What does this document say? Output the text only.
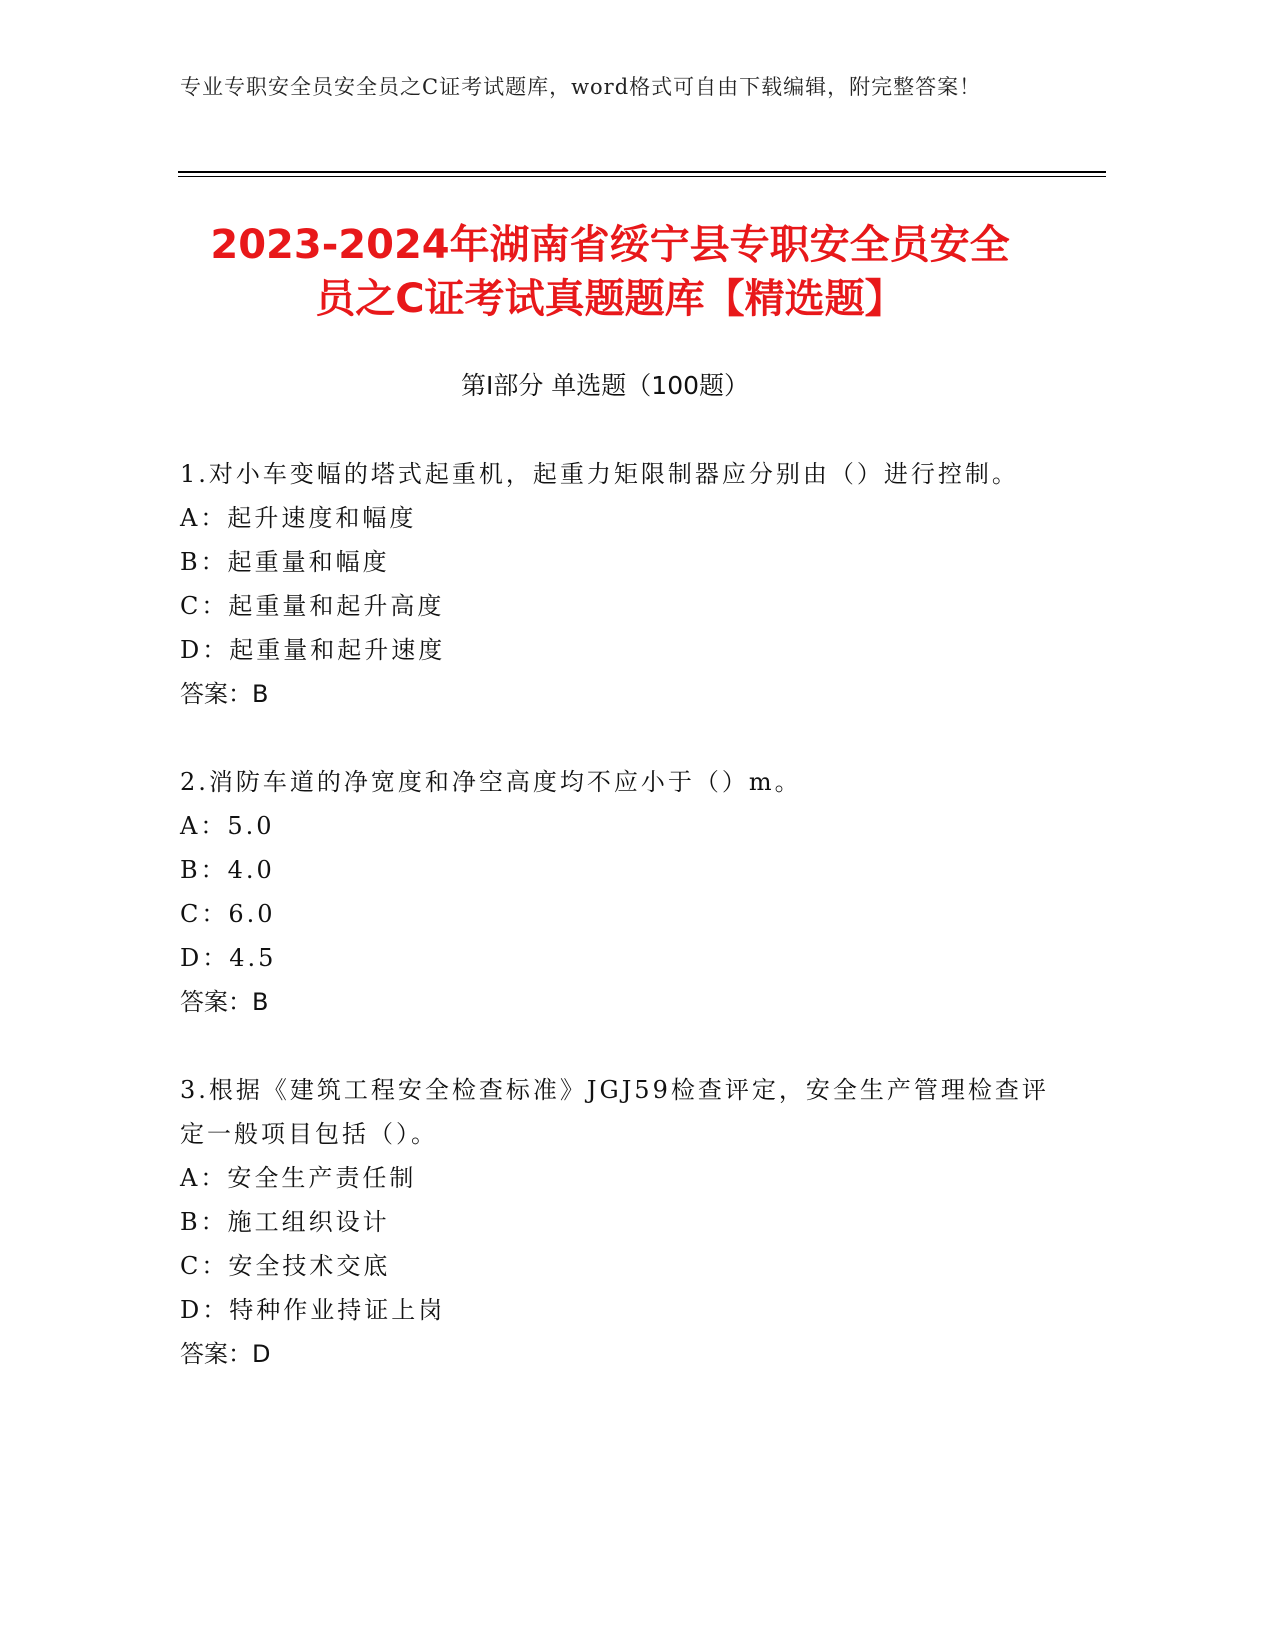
专业专职安全员安全员之C证考试题库，word格式可自由下载编辑，附完整答案！
2023-2024年湖南省绥宁县专职安全员安全
员之C证考试真题题库【精选题】
第I部分 单选题（100题）

1.对小车变幅的塔式起重机，起重力矩限制器应分别由（）进行控制。

A：起升速度和幅度

B：起重量和幅度

C：起重量和起升高度

D：起重量和起升速度

答案：B

2.消防车道的净宽度和净空高度均不应小于（）m。

A：5.0

B：4.0

C：6.0

D：4.5

答案：B

3.根据《建筑工程安全检查标准》JGJ59检查评定，安全生产管理检查评定一般项目包括（）。

A：安全生产责任制

B：施工组织设计

C：安全技术交底

D：特种作业持证上岗

答案：D
